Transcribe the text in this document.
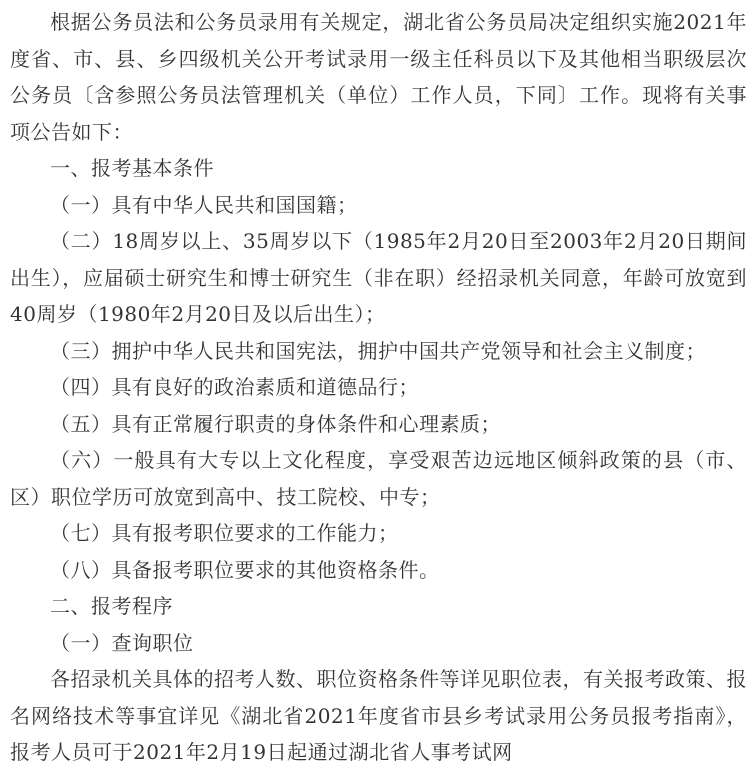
根据公务员法和公务员录用有关规定，湖北省公务员局决定组织实施2021年度省、市、县、乡四级机关公开考试录用一级主任科员以下及其他相当职级层次公务员〔含参照公务员法管理机关（单位）工作人员，下同〕工作。现将有关事项公告如下：

一、报考基本条件

（一）具有中华人民共和国国籍；

（二）18周岁以上、35周岁以下（1985年2月20日至2003年2月20日期间出生），应届硕士研究生和博士研究生（非在职）经招录机关同意，年龄可放宽到40周岁（1980年2月20日及以后出生）；

（三）拥护中华人民共和国宪法，拥护中国共产党领导和社会主义制度；

（四）具有良好的政治素质和道德品行；

（五）具有正常履行职责的身体条件和心理素质；

（六）一般具有大专以上文化程度，享受艰苦边远地区倾斜政策的县（市、区）职位学历可放宽到高中、技工院校、中专；

（七）具有报考职位要求的工作能力；

（八）具备报考职位要求的其他资格条件。

二、报考程序

（一）查询职位

各招录机关具体的招考人数、职位资格条件等详见职位表，有关报考政策、报名网络技术等事宜详见《湖北省2021年度省市县乡考试录用公务员报考指南》，报考人员可于2021年2月19日起通过湖北省人事考试网
